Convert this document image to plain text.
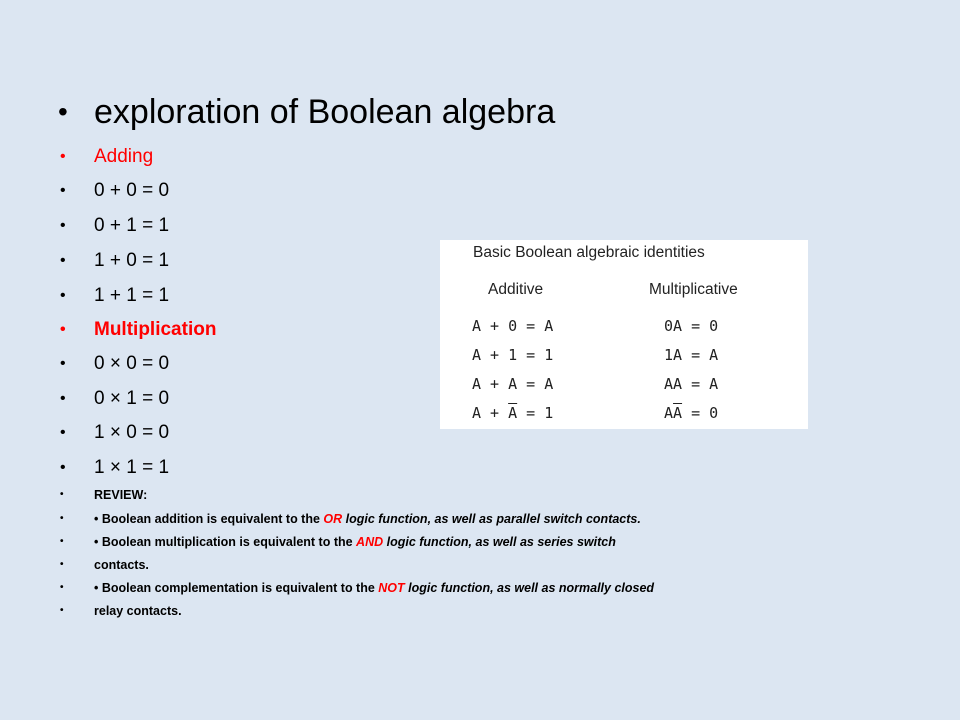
• exploration of Boolean algebra
• Adding
• 0 + 0 = 0
• 0 + 1 = 1
• 1 + 0 = 1
• 1 + 1 = 1
• Multiplication
• 0 × 0 = 0
• 0 × 1 = 0
• 1 × 0 = 0
• 1 × 1 = 1
• REVIEW:
• • Boolean addition is equivalent to the OR logic function, as well as parallel switch contacts.
• • Boolean multiplication is equivalent to the AND logic function, as well as series switch
• contacts.
• • Boolean complementation is equivalent to the NOT logic function, as well as normally closed
• relay contacts.
Basic Boolean algebraic identities
Additive	Multiplicative
A + 0 = A
A + 1 = 1
A + A = A
$A + \overline{A} = 1$
0A = 0
1A = A
AA = A
$A\overline{A} = 0$
